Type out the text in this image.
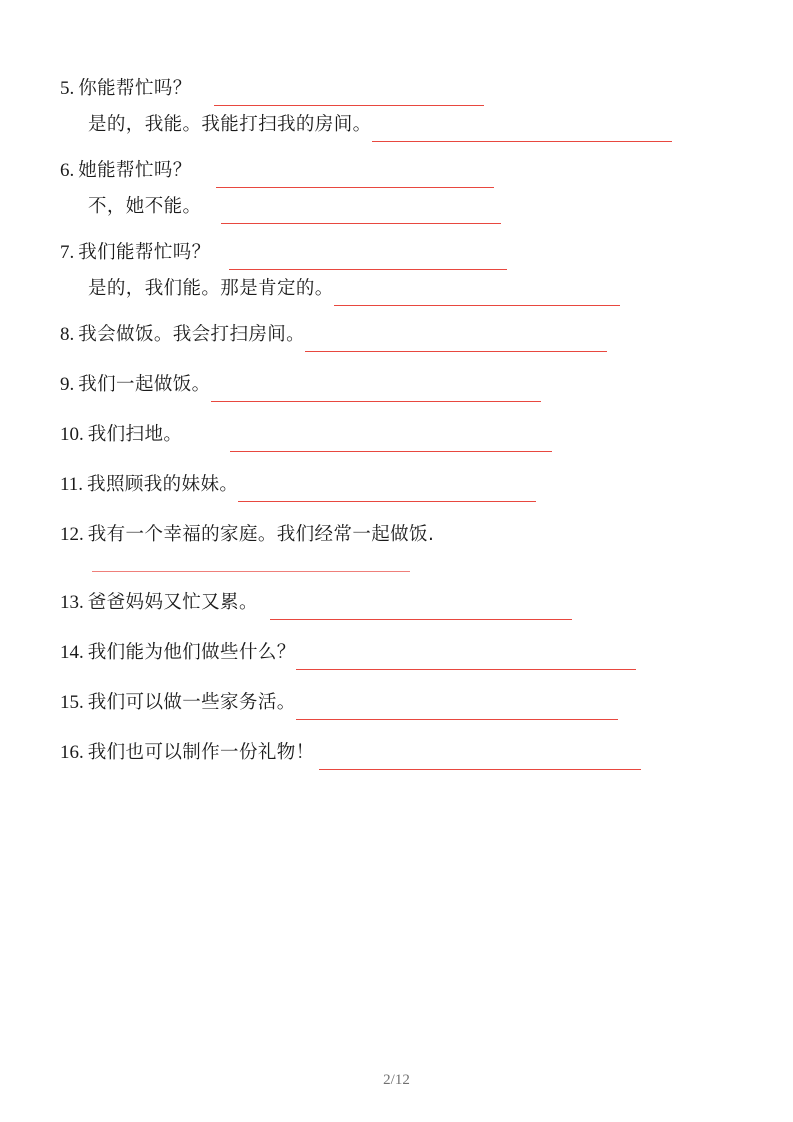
5. 你能帮忙吗？
是的，我能。我能打扫我的房间。
6. 她能帮忙吗？
不，她不能。
7. 我们能帮忙吗？
是的，我们能。那是肯定的。
8. 我会做饭。我会打扫房间。
9. 我们一起做饭。
10. 我们扫地。
11. 我照顾我的妹妹。
12. 我有一个幸福的家庭。我们经常一起做饭.
13. 爸爸妈妈又忙又累。
14. 我们能为他们做些什么？
15. 我们可以做一些家务活。
16. 我们也可以制作一份礼物！
2/12
